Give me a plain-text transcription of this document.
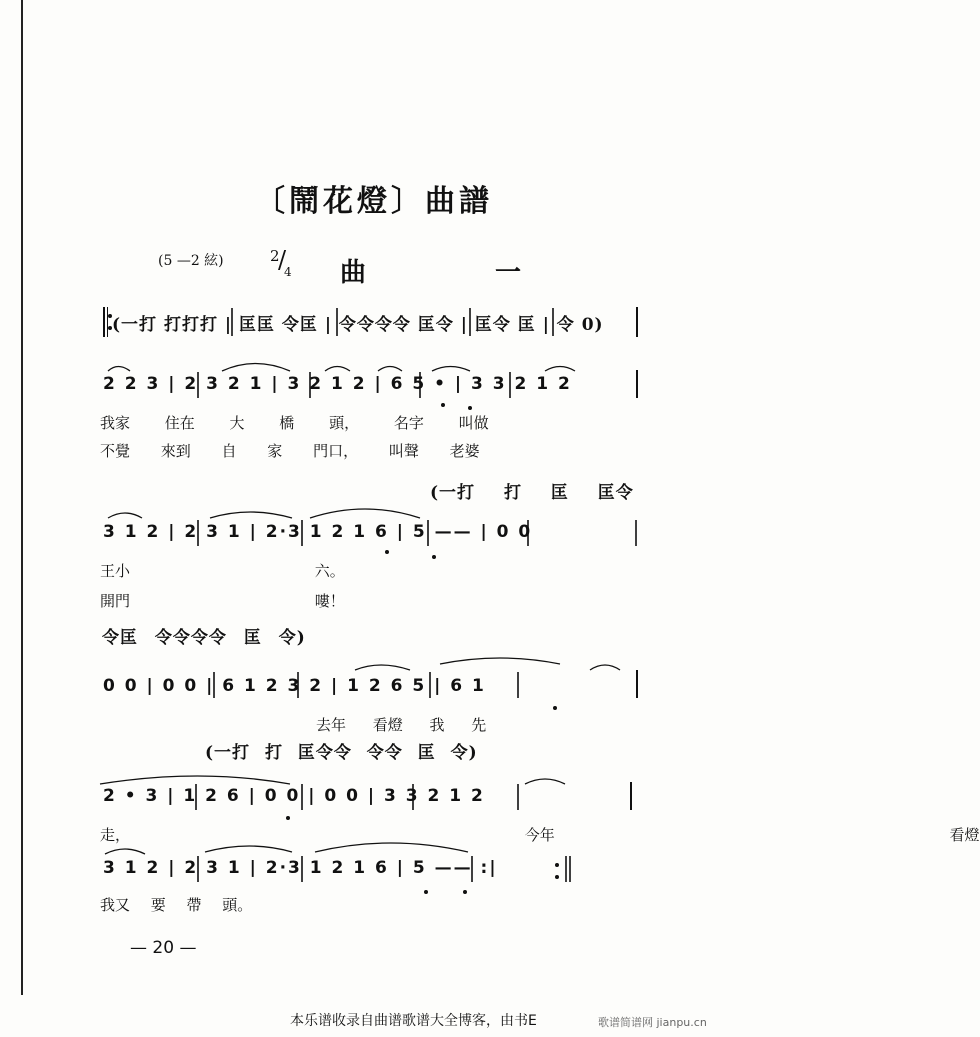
〔鬧花燈〕曲譜
(5 —2 絃)	2
/
4 曲 一
(一打 打打打 | 匡匡 令匡 | 令令令令 匡令 | 匡令 匡 | 令 0)
2 2 3 | 2 3 2 1 | 3 2 1 2 | 6 5 • | 3 3 2 1 2
我家 住在 大 橋 頭， 名字 叫做
不覺 來到 自 家 門口， 叫聲 老婆
(一打 打 匡 匡令
3 1 2 | 2 3 1 | 2·3 1 2 1 6 | 5 —— | 0 0
王小 六。
開門 嘍！
令匡 令令令令 匡 令)
0 0 | 0 0 | 6 1 2 3 2 | 1 2 6 5 | 6 1
去年 看燈 我 先
(一打 打 匡令令 令令 匡 令)
2 • 3 | 1 2 6 | 0 0 | 0 0 | 3 3 2 1 2
走， 今年 看燈
3 1 2 | 2 3 1 | 2·3 1 2 1 6 | 5 —— :|
我又 要 帶 頭。
— 20 —
本乐谱收录自曲谱歌谱大全博客，由书E	歌谱简谱网 jianpu.cn
